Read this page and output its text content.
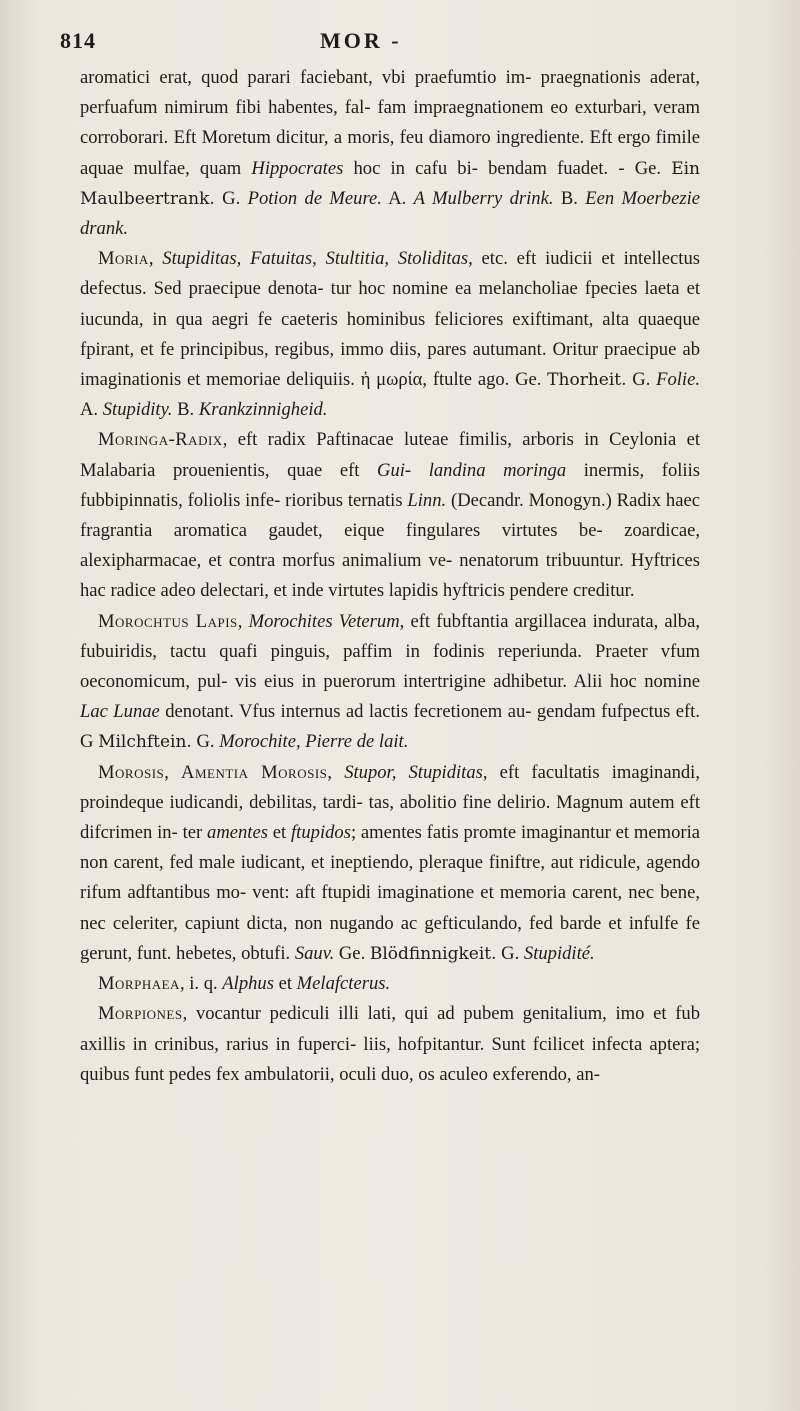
814	MOR -

aromatici erat, quod parari faciebant, vbi praefumtio im- praegnationis aderat, perfuafum nimirum fibi habentes, fal- fam impraegnationem eo exturbari, veram corroborari. Eft Moretum dicitur, a moris, feu diamoro ingrediente. Eft ergo fimile aquae mulfae, quam Hippocrates hoc in cafu bi- bendam fuadet. - Ge. Ein Maulbeertrank. G. Potion de Meure. A. A Mulberry drink. B. Een Moerbezie drank.

Moria, Stupiditas, Fatuitas, Stultitia, Stoliditas, etc. eft iudicii et intellectus defectus. Sed praecipue denota- tur hoc nomine ea melancholiae fpecies laeta et iucunda, in qua aegri fe caeteris hominibus feliciores exiftimant, alta quaeque fpirant, et fe principibus, regibus, immo diis, pares autumant. Oritur praecipue ab imaginationis et memoriae deliquiis. ἡ μωρία, ftulte ago. Ge. Thorheit. G. Folie. A. Stupidity. B. Krankzinnigheid.

Moringa-Radix, eft radix Paftinacae luteae fimilis, arboris in Ceylonia et Malabaria prouenientis, quae eft Gui- landina moringa inermis, foliis fubbipinnatis, foliolis infe- rioribus ternatis Linn. (Decandr. Monogyn.) Radix haec fragrantia aromatica gaudet, eique fingulares virtutes be- zoardicae, alexipharmacae, et contra morfus animalium ve- nenatorum tribuuntur. Hyftrices hac radice adeo delectari, et inde virtutes lapidis hyftricis pendere creditur.

Morochtus Lapis, Morochites Veterum, eft fubftantia argillacea indurata, alba, fubuiridis, tactu quafi pinguis, paffim in fodinis reperiunda. Praeter vfum oeconomicum, pul- vis eius in puerorum intertrigine adhibetur. Alii hoc nomine Lac Lunae denotant. Vfus internus ad lactis fecretionem au- gendam fufpectus eft. G Milchftein. G. Morochite, Pierre de lait.

Morosis, Amentia Morosis, Stupor, Stupiditas, eft facultatis imaginandi, proindeque iudicandi, debilitas, tardi- tas, abolitio fine delirio. Magnum autem eft difcrimen in- ter amentes et ftupidos; amentes fatis promte imaginantur et memoria non carent, fed male iudicant, et ineptiendo, pleraque finiftre, aut ridicule, agendo rifum adftantibus mo- vent: aft ftupidi imaginatione et memoria carent, nec bene, nec celeriter, capiunt dicta, non nugando ac gefticulando, fed barde et infulfe fe gerunt, funt. hebetes, obtufi. Sauv. Ge. Blödfinnigkeit. G. Stupidité.

Morphaea, i. q. Alphus et Melafcterus.

Morpiones, vocantur pediculi illi lati, qui ad pubem genitalium, imo et fub axillis in crinibus, rarius in fuperci- liis, hofpitantur. Sunt fcilicet infecta aptera; quibus funt pedes fex ambulatorii, oculi duo, os aculeo exferendo, an-
